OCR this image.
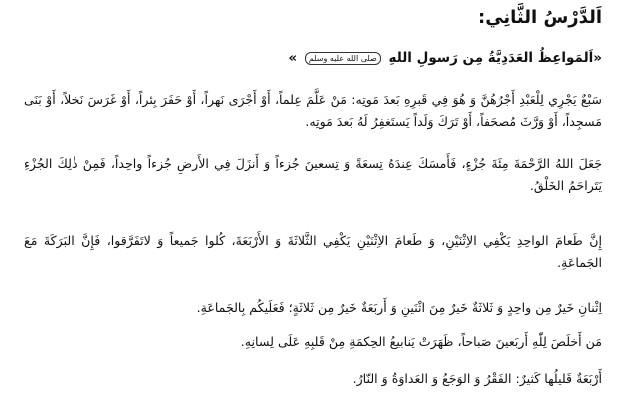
اَلدَّرْسُ الثَّانِي:
«اَلمَواعِظُ العَدَدِيَّةُ مِن رَسولِ اللهِ صلى الله عليه وسلم »

سَبْعٌ يَجْرِي لِلْعَبْدِ أَجْرُهُنَّ وَ هُوَ فِي قَبرِهِ بَعدَ مَوتِه: مَنْ عَلَّمَ عِلماً، أَوْ أَجْرَى نَهراً، أَوْ حَفَرَ بِئراً، أَوْ غَرَسَ نَخلاً، أَوْ بَنَى مَسجِداً، أَوْ وَرَّثَ مُصحَفاً، أَوْ تَرَكَ وَلَداً يَستَغفِرُ لَهُ بَعدَ مَوتِه.

جَعَلَ اللهُ الرَّحْمَةَ مِئَةَ جُزْءٍ، فَأَمسَكَ عِندَهُ تِسعَةً وَ تِسعينَ جُزءاً وَ أَنزَلَ فِي الأَرضِ جُزءاً واحِداً، فَمِنْ ذٰلِكَ الجُزْءِ يَتَراحَمُ الخَلْقُ.

إِنَّ طَعامَ الواحِدِ يَكْفِي الاِثْنَيْنِ، وَ طَعامَ الاِثْنَيْنِ يَكْفِي الثَّلاثَةَ وَ الأَرْبَعَةَ، كُلوا جَميعاً وَ لاتَفَرَّقوا، فَإِنَّ البَرَكَةَ مَعَ الجَماعَةِ.

اِثْنانِ خَيرٌ مِن واحِدٍ وَ ثَلاثَةٌ خَيرٌ مِنَ اثْنَينِ وَ أَربَعَةٌ خَيرٌ مِن ثَلاثَةٍ؛ فَعَلَيكُم بِالجَماعَةِ.

مَن أَخلَصَ لِلّٰهِ أَربَعينَ صَباحاً، ظَهَرَتْ يَنابيعُ الحِكمَةِ مِنْ قَلبِهِ عَلَى لِسانِهِ.

أَرْبَعَةٌ قَليلُها كَثيرٌ: الفَقْرُ وَ الوَجَعُ وَ العَداوَةُ وَ النّارُ.
